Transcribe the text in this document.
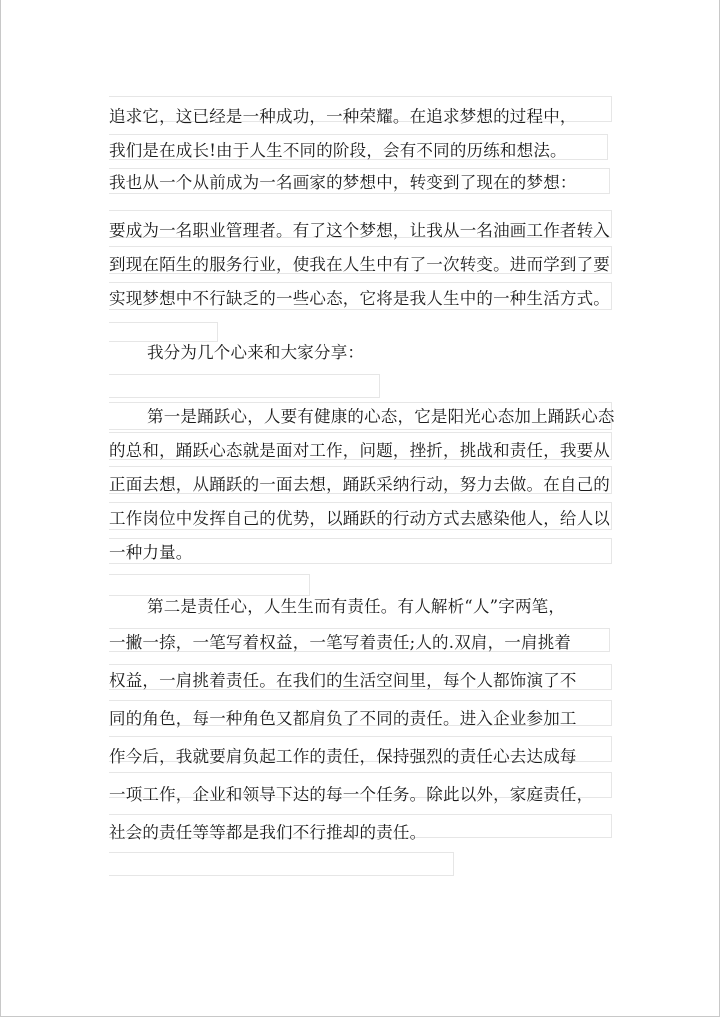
追求它，这已经是一种成功，一种荣耀。在追求梦想的过程中，
我们是在成长!由于人生不同的阶段，会有不同的历练和想法。
我也从一个从前成为一名画家的梦想中，转变到了现在的梦想：
要成为一名职业管理者。有了这个梦想，让我从一名油画工作者转入
到现在陌生的服务行业，使我在人生中有了一次转变。进而学到了要
实现梦想中不行缺乏的一些心态，它将是我人生中的一种生活方式。
我分为几个心来和大家分享：
第一是踊跃心，人要有健康的心态，它是阳光心态加上踊跃心态
的总和，踊跃心态就是面对工作，问题，挫折，挑战和责任，我要从
正面去想，从踊跃的一面去想，踊跃采纳行动，努力去做。在自己的
工作岗位中发挥自己的优势，以踊跃的行动方式去感染他人，给人以
一种力量。
第二是责任心，人生生而有责任。有人解析“人”字两笔，
一撇一捺，一笔写着权益，一笔写着责任;人的.双肩，一肩挑着
权益，一肩挑着责任。在我们的生活空间里，每个人都饰演了不
同的角色，每一种角色又都肩负了不同的责任。进入企业参加工
作今后，我就要肩负起工作的责任，保持强烈的责任心去达成每
一项工作，企业和领导下达的每一个任务。除此以外，家庭责任，
社会的责任等等都是我们不行推却的责任。
